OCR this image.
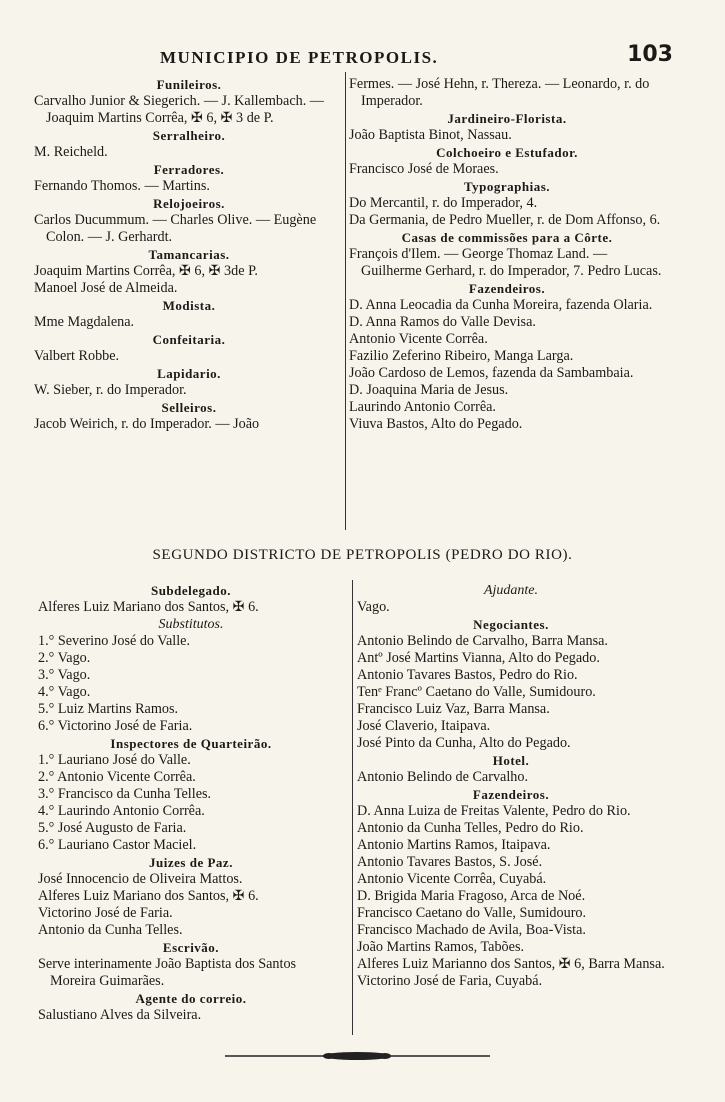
MUNICIPIO DE PETROPOLIS.	103
Funileiros.
Carvalho Junior & Siegerich. — J. Kallembach. — Joaquim Martins Corrêa, ✠ 6, ✠ 3 de P.
Serralheiro.
M. Reicheld.
Ferradores.
Fernando Thomos. — Martins.
Relojoeiros.
Carlos Ducummum. — Charles Olive. — Eugène Colon. — J. Gerhardt.
Tamancarias.
Joaquim Martins Corrêa, ✠ 6, ✠ 3de P.
Manoel José de Almeida.
Modista.
Mme Magdalena.
Confeitaria.
Valbert Robbe.
Lapidario.
W. Sieber, r. do Imperador.
Selleiros.
Jacob Weirich, r. do Imperador. — João
Fermes. — José Hehn, r. Thereza. — Leonardo, r. do Imperador.
Jardineiro-Florista.
João Baptista Binot, Nassau.
Colchoeiro e Estufador.
Francisco José de Moraes.
Typographias.
Do Mercantil, r. do Imperador, 4.
Da Germania, de Pedro Mueller, r. de Dom Affonso, 6.
Casas de commissões para a Côrte.
François d'Ilem. — George Thomaz Land. — Guilherme Gerhard, r. do Imperador, 7. Pedro Lucas.
Fazendeiros.
D. Anna Leocadia da Cunha Moreira, fazenda Olaria.
D. Anna Ramos do Valle Devisa.
Antonio Vicente Corrêa.
Fazilio Zeferino Ribeiro, Manga Larga.
João Cardoso de Lemos, fazenda da Sambambaia.
D. Joaquina Maria de Jesus.
Laurindo Antonio Corrêa.
Viuva Bastos, Alto do Pegado.
SEGUNDO DISTRICTO DE PETROPOLIS (PEDRO DO RIO).
Subdelegado.
Alferes Luiz Mariano dos Santos, ✠ 6.
Substitutos.
1.° Severino José do Valle.
2.° Vago.
3.° Vago.
4.° Vago.
5.° Luiz Martins Ramos.
6.° Victorino José de Faria.
Inspectores de Quarteirão.
1.° Lauriano José do Valle.
2.° Antonio Vicente Corrêa.
3.° Francisco da Cunha Telles.
4.° Laurindo Antonio Corrêa.
5.° José Augusto de Faria.
6.° Lauriano Castor Maciel.
Juizes de Paz.
José Innocencio de Oliveira Mattos.
Alferes Luiz Mariano dos Santos, ✠ 6.
Victorino José de Faria.
Antonio da Cunha Telles.
Escrivão.
Serve interinamente João Baptista dos Santos Moreira Guimarães.
Agente do correio.
Salustiano Alves da Silveira.
Ajudante.
Vago.
Negociantes.
Antonio Belindo de Carvalho, Barra Mansa.
Antº José Martins Vianna, Alto do Pegado.
Antonio Tavares Bastos, Pedro do Rio.
Tenᵉ Francº Caetano do Valle, Sumidouro.
Francisco Luiz Vaz, Barra Mansa.
José Claverio, Itaipava.
José Pinto da Cunha, Alto do Pegado.
Hotel.
Antonio Belindo de Carvalho.
Fazendeiros.
D. Anna Luiza de Freitas Valente, Pedro do Rio.
Antonio da Cunha Telles, Pedro do Rio.
Antonio Martins Ramos, Itaipava.
Antonio Tavares Bastos, S. José.
Antonio Vicente Corrêa, Cuyabá.
D. Brigida Maria Fragoso, Arca de Noé.
Francisco Caetano do Valle, Sumidouro.
Francisco Machado de Avila, Boa-Vista.
João Martins Ramos, Tabões.
Alferes Luiz Marianno dos Santos, ✠ 6, Barra Mansa.
Victorino José de Faria, Cuyabá.
